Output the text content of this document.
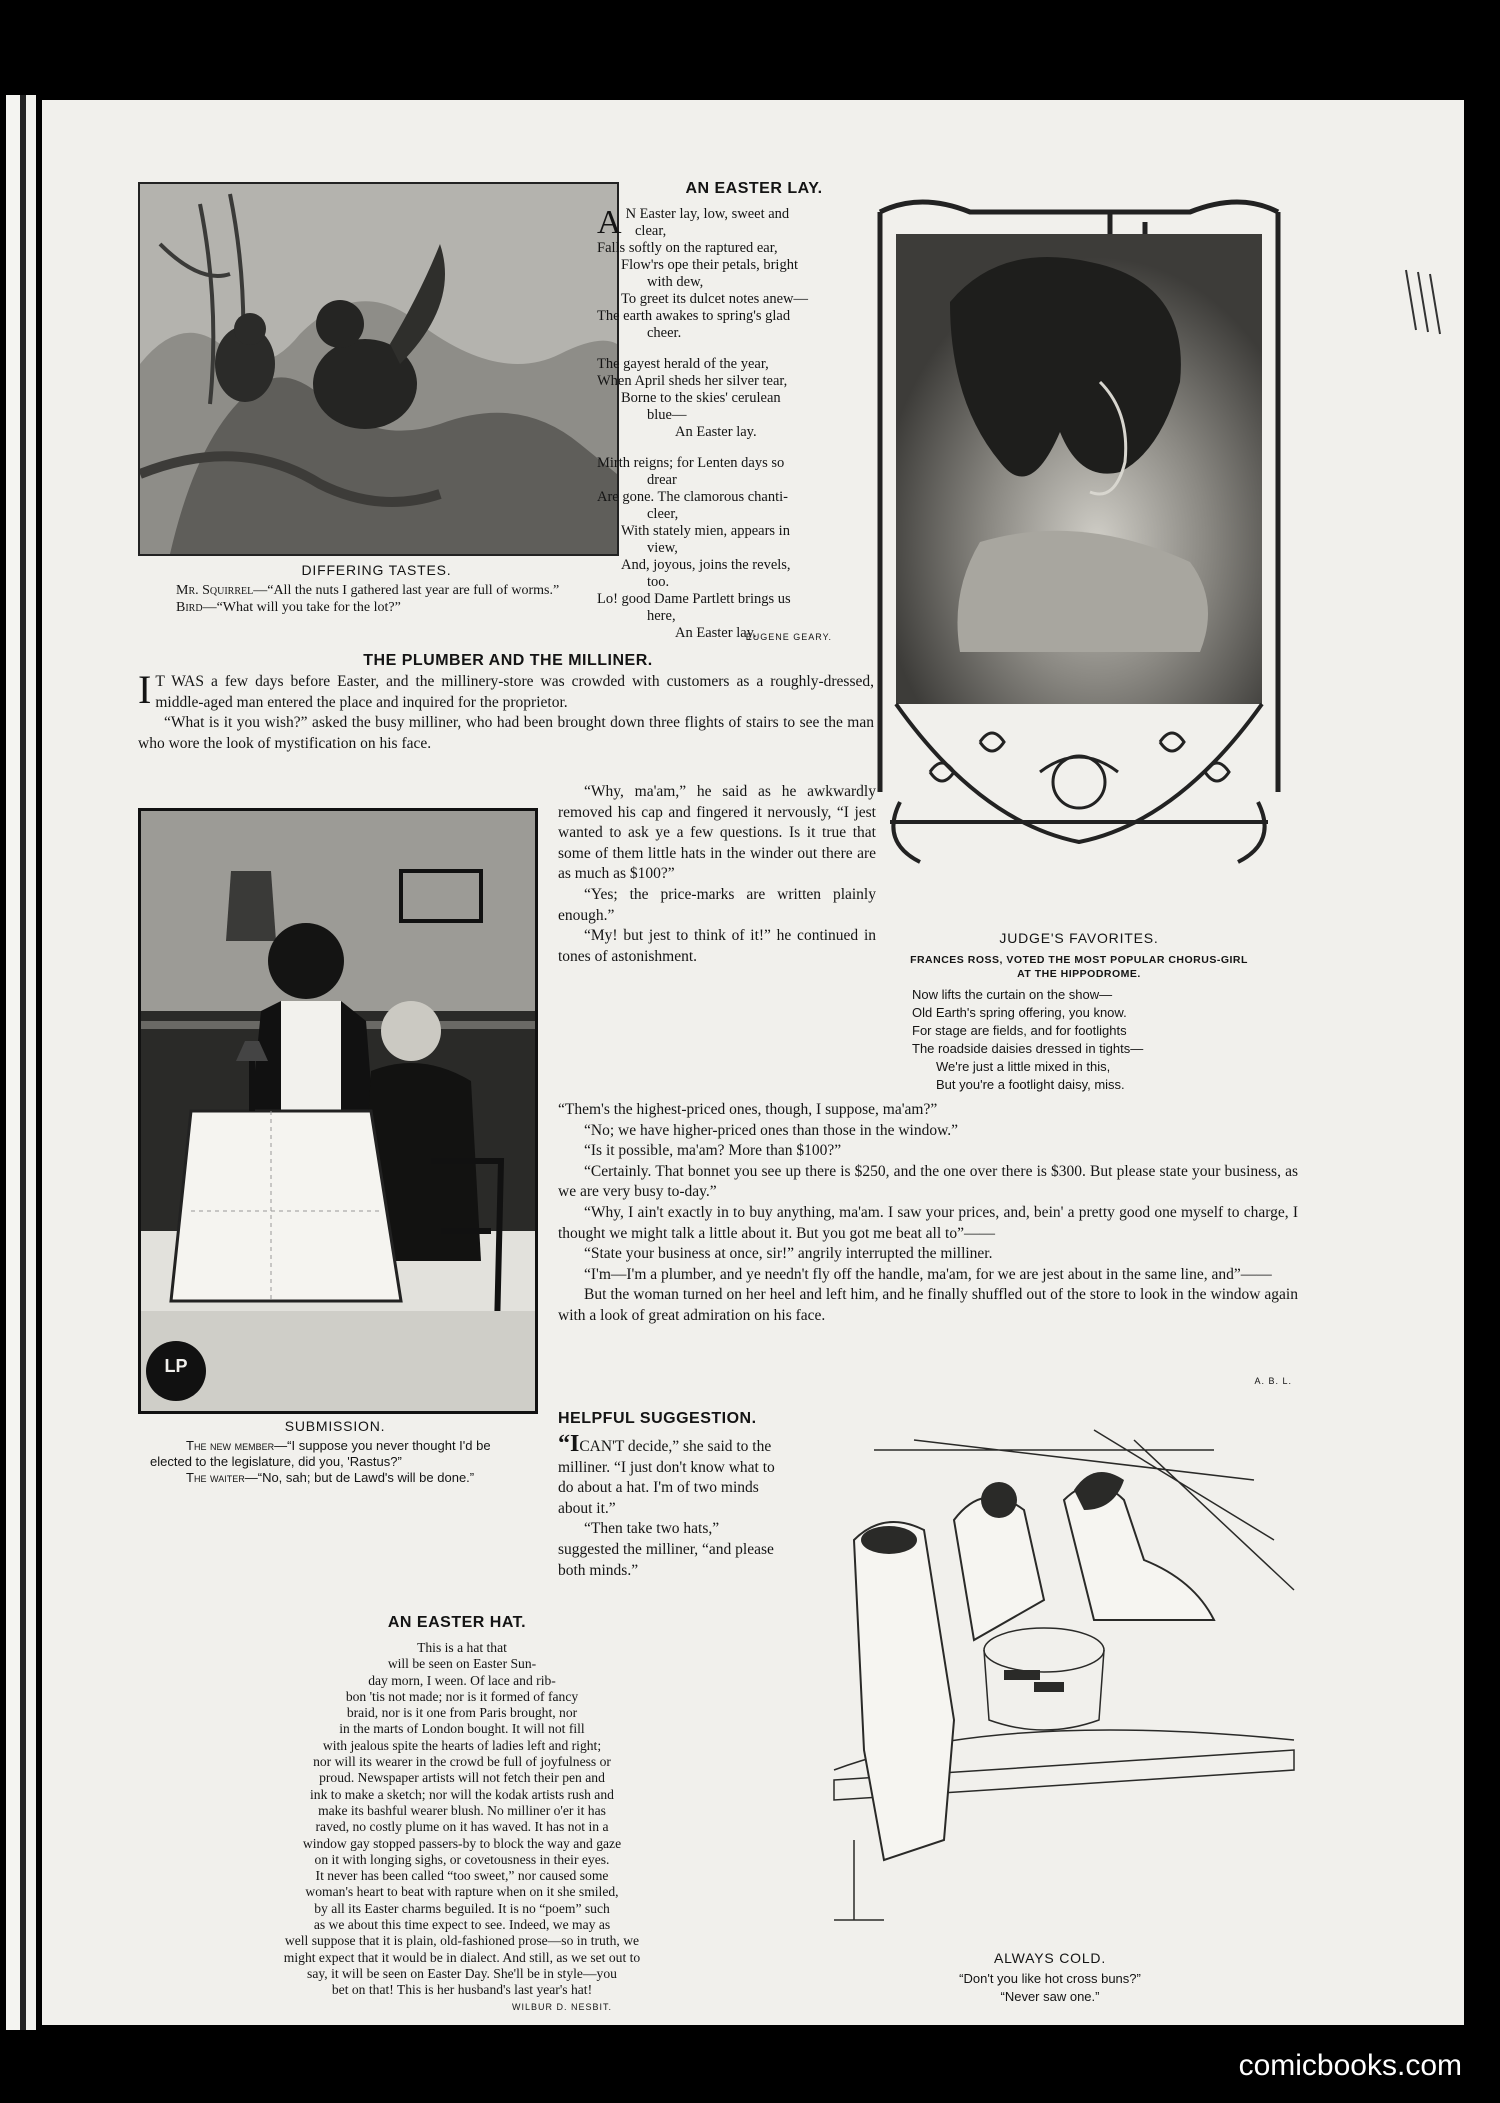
DIFFERING TASTES.
Mr. Squirrel—“All the nuts I gathered last year are full of worms.”
Bird—“What will you take for the lot?”
AN EASTER LAY.
A N Easter lay, low, sweet and
clear,
Falls softly on the raptured ear,
Flow'rs ope their petals, bright
with dew,
To greet its dulcet notes anew—
The earth awakes to spring's glad
cheer.
The gayest herald of the year,
When April sheds her silver tear,
Borne to the skies' cerulean
blue—
An Easter lay.
Mirth reigns; for Lenten days so
drear
Are gone. The clamorous chanti-
cleer,
With stately mien, appears in
view,
And, joyous, joins the revels,
too.
Lo! good Dame Partlett brings us
here,
An Easter lay.
EUGENE GEARY.
JUDGE'S FAVORITES.
FRANCES ROSS, VOTED THE MOST POPULAR CHORUS-GIRL
AT THE HIPPODROME.
Now lifts the curtain on the show—
Old Earth's spring offering, you know.
For stage are fields, and for footlights
The roadside daisies dressed in tights—
We're just a little mixed in this,
But you're a footlight daisy, miss.
THE PLUMBER AND THE MILLINER.

I T WAS a few days before Easter, and the millinery-store was crowded with customers as a roughly-dressed, middle-aged man entered the place and inquired for the proprietor.

“What is it you wish?” asked the busy milliner, who had been brought down three flights of stairs to see the man who wore the look of mystification on his face.

LP
SUBMISSION.
The new member—“I suppose you never thought I'd be elected to the legislature, did you, 'Rastus?”
The waiter—“No, sah; but de Lawd's will be done.”

“Why, ma'am,” he said as he awkwardly removed his cap and fingered it nervously, “I jest wanted to ask ye a few questions. Is it true that some of them little hats in the winder out there are as much as $100?”

“Yes; the price-marks are written plainly enough.”

“My! but jest to think of it!” he continued in tones of astonishment.

“Them's the highest-priced ones, though, I suppose, ma'am?”

“No; we have higher-priced ones than those in the window.”

“Is it possible, ma'am? More than $100?”

“Certainly. That bonnet you see up there is $250, and the one over there is $300. But please state your business, as we are very busy to-day.”

“Why, I ain't exactly in to buy anything, ma'am. I saw your prices, and, bein' a pretty good one myself to charge, I thought we might talk a little about it. But you got me beat all to”——

“State your business at once, sir!” angrily interrupted the milliner.

“I'm—I'm a plumber, and ye needn't fly off the handle, ma'am, for we are jest about in the same line, and”——

But the woman turned on her heel and left him, and he finally shuffled out of the store to look in the window again with a look of great admiration on his face.

A. B. L.
HELPFUL SUGGESTION.

“ICAN'T decide,” she said to the milliner. “I just don't know what to do about a hat. I'm of two minds about it.”

“Then take two hats,” suggested the milliner, “and please both minds.”

AN EASTER HAT.
This is a hat that
will be seen on Easter Sun-
day morn, I ween. Of lace and rib-
bon 'tis not made; nor is it formed of fancy
braid, nor is it one from Paris brought, nor
in the marts of London bought. It will not fill
with jealous spite the hearts of ladies left and right;
nor will its wearer in the crowd be full of joyfulness or
proud. Newspaper artists will not fetch their pen and
ink to make a sketch; nor will the kodak artists rush and
make its bashful wearer blush. No milliner o'er it has
raved, no costly plume on it has waved. It has not in a
window gay stopped passers-by to block the way and gaze
on it with longing sighs, or covetousness in their eyes.
It never has been called “too sweet,” nor caused some
woman's heart to beat with rapture when on it she smiled,
by all its Easter charms beguiled. It is no “poem” such
as we about this time expect to see. Indeed, we may as
well suppose that it is plain, old-fashioned prose—so in truth, we
might expect that it would be in dialect. And still, as we set out to
say, it will be seen on Easter Day. She'll be in style—you
bet on that! This is her husband's last year's hat!
WILBUR D. NESBIT.
ALWAYS COLD.
“Don't you like hot cross buns?”
“Never saw one.”
comicbooks.com
